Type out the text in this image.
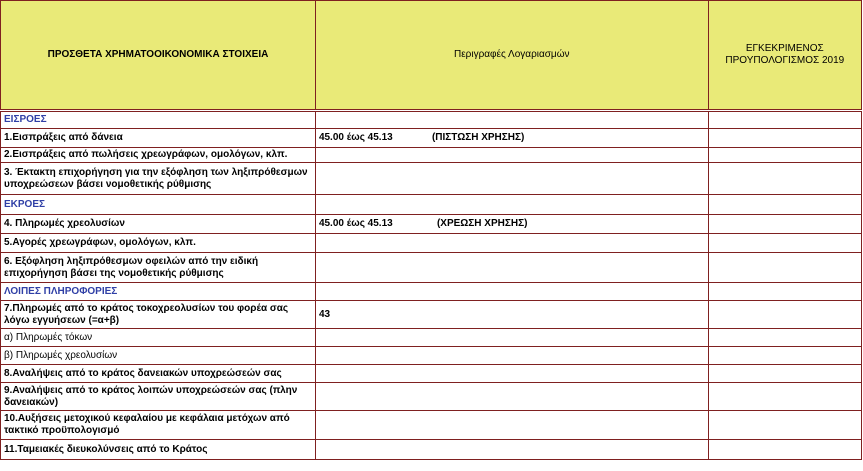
ΠΡΟΣΘΕΤΑ ΧΡΗΜΑΤΟΟΙΚΟΝΟΜΙΚΑ ΣΤΟΙΧΕΙΑ	Περιγραφές Λογαριασμών	ΕΓΚΕΚΡΙΜΕΝΟΣ
ΠΡΟΥΠΟΛΟΓΙΣΜΟΣ 2019

ΕΙΣΡΟΕΣ		
1.Εισπράξεις από δάνεια	45.00 έως 45.13 (ΠΙΣΤΩΣΗ ΧΡΗΣΗΣ)	

2.Εισπράξεις από πωλήσεις χρεωγράφων, ομολόγων, κλπ.		
3. Έκτακτη επιχορήγηση για την εξόφληση των ληξιπρόθεσμων υποχρεώσεων βάσει νομοθετικής ρύθμισης		
ΕΚΡΟΕΣ		
4. Πληρωμές χρεολυσίων	45.00 έως 45.13 (ΧΡΕΩΣΗ ΧΡΗΣΗΣ)	

5.Αγορές χρεωγράφων, ομολόγων, κλπ.		
6. Εξόφληση ληξιπρόθεσμων οφειλών από την ειδική επιχορήγηση βάσει της νομοθετικής ρύθμισης		
ΛΟΙΠΕΣ ΠΛΗΡΟΦΟΡΙΕΣ		
7.Πληρωμές από το κράτος τοκοχρεολυσίων του φορέα σας λόγω εγγυήσεων (=α+β)	43	
α) Πληρωμές τόκων		
β) Πληρωμές χρεολυσίων		
8.Αναλήψεις από το κράτος δανειακών υποχρεώσεών σας		
9.Αναλήψεις από το κράτος λοιπών υποχρεώσεών σας (πλην δανειακών)		
10.Αυξήσεις μετοχικού κεφαλαίου με κεφάλαια μετόχων από τακτικό προϋπολογισμό		
11.Ταμειακές διευκολύνσεις από το Κράτος		
